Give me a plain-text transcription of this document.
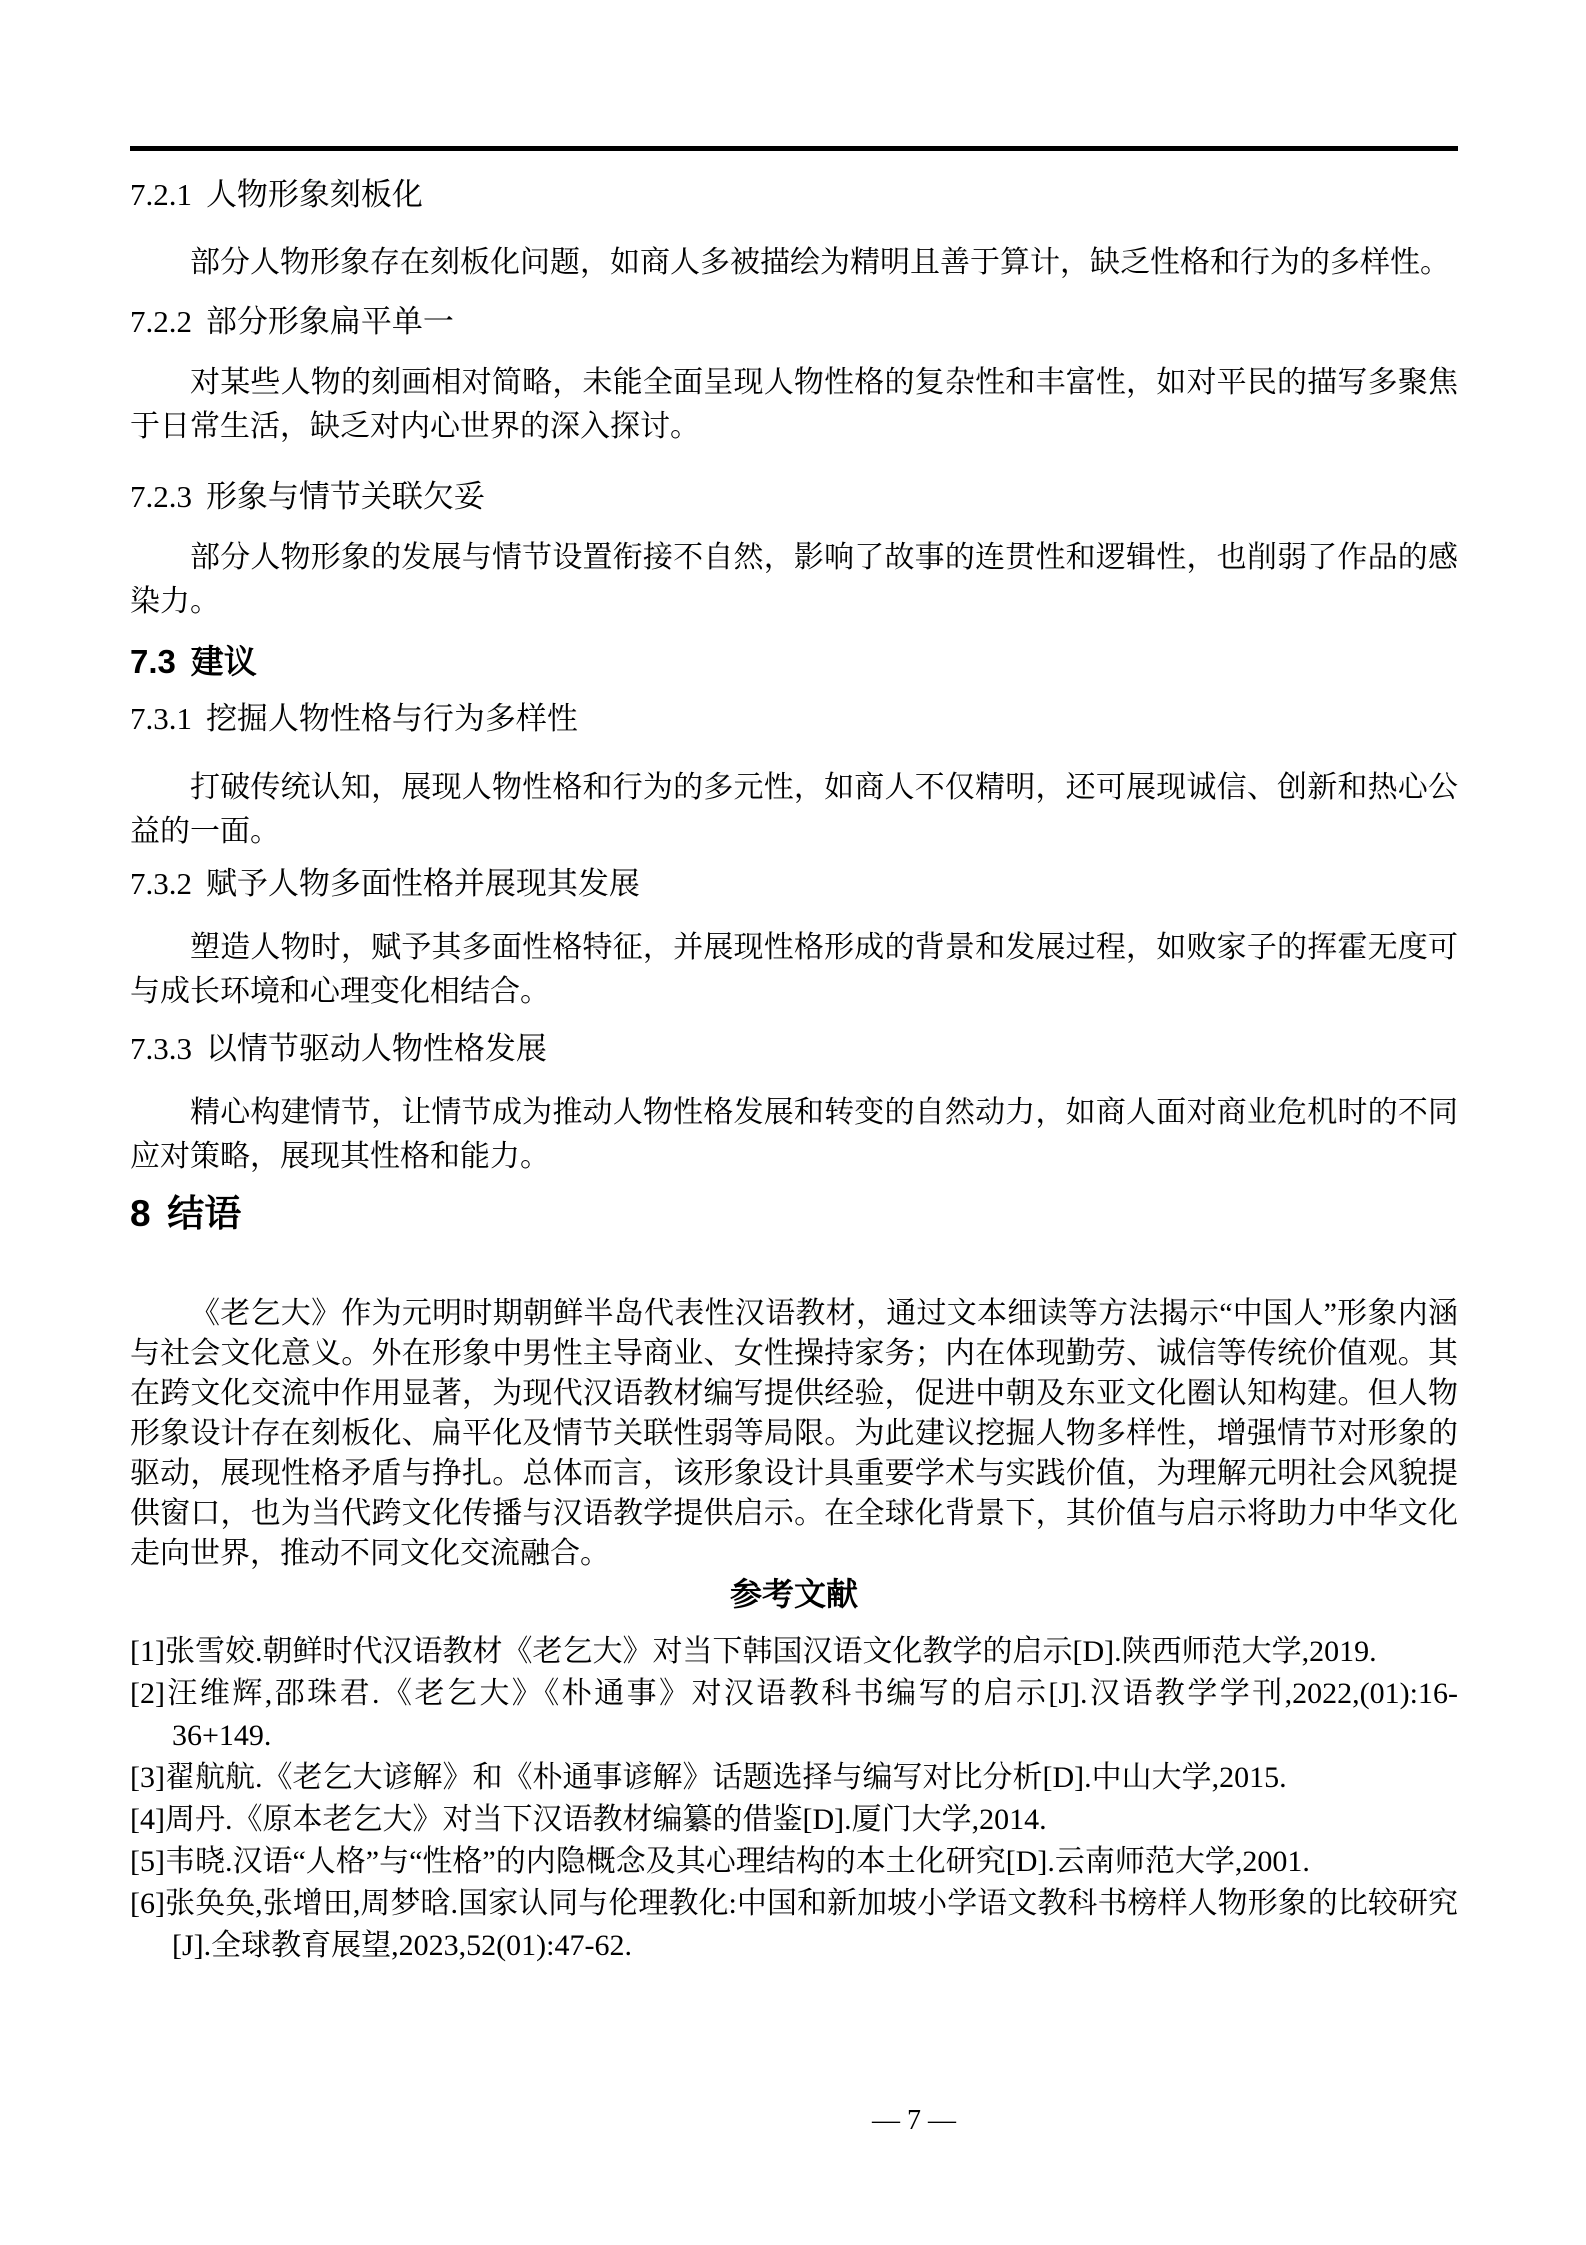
7.2.1 人物形象刻板化

部分人物形象存在刻板化问题，如商人多被描绘为精明且善于算计，缺乏性格和行为的多样性。

7.2.2 部分形象扁平单一

对某些人物的刻画相对简略，未能全面呈现人物性格的复杂性和丰富性，如对平民的描写多聚焦于日常生活，缺乏对内心世界的深入探讨。

7.2.3 形象与情节关联欠妥

部分人物形象的发展与情节设置衔接不自然，影响了故事的连贯性和逻辑性，也削弱了作品的感染力。

7.3 建议
7.3.1 挖掘人物性格与行为多样性

打破传统认知，展现人物性格和行为的多元性，如商人不仅精明，还可展现诚信、创新和热心公益的一面。

7.3.2 赋予人物多面性格并展现其发展

塑造人物时，赋予其多面性格特征，并展现性格形成的背景和发展过程，如败家子的挥霍无度可与成长环境和心理变化相结合。

7.3.3 以情节驱动人物性格发展

精心构建情节，让情节成为推动人物性格发展和转变的自然动力，如商人面对商业危机时的不同应对策略，展现其性格和能力。

8 结语

《老乞大》作为元明时期朝鲜半岛代表性汉语教材，通过文本细读等方法揭示“中国人”形象内涵与社会文化意义。外在形象中男性主导商业、女性操持家务；内在体现勤劳、诚信等传统价值观。其在跨文化交流中作用显著，为现代汉语教材编写提供经验，促进中朝及东亚文化圈认知构建。但人物形象设计存在刻板化、扁平化及情节关联性弱等局限。为此建议挖掘人物多样性，增强情节对形象的驱动，展现性格矛盾与挣扎。总体而言，该形象设计具重要学术与实践价值，为理解元明社会风貌提供窗口，也为当代跨文化传播与汉语教学提供启示。在全球化背景下，其价值与启示将助力中华文化走向世界，推动不同文化交流融合。

参考文献

[1]张雪姣.朝鲜时代汉语教材《老乞大》对当下韩国汉语文化教学的启示[D].陕西师范大学,2019.

[2]汪维辉,邵珠君.《老乞大》《朴通事》对汉语教科书编写的启示[J].汉语教学学刊,2022,(01):16-36+149.

[3]翟航航.《老乞大谚解》和《朴通事谚解》话题选择与编写对比分析[D].中山大学,2015.

[4]周丹.《原本老乞大》对当下汉语教材编纂的借鉴[D].厦门大学,2014.

[5]韦晓.汉语“人格”与“性格”的内隐概念及其心理结构的本土化研究[D].云南师范大学,2001.

[6]张奂奂,张增田,周梦晗.国家认同与伦理教化:中国和新加坡小学语文教科书榜样人物形象的比较研究[J].全球教育展望,2023,52(01):47-62.

— 7 —
